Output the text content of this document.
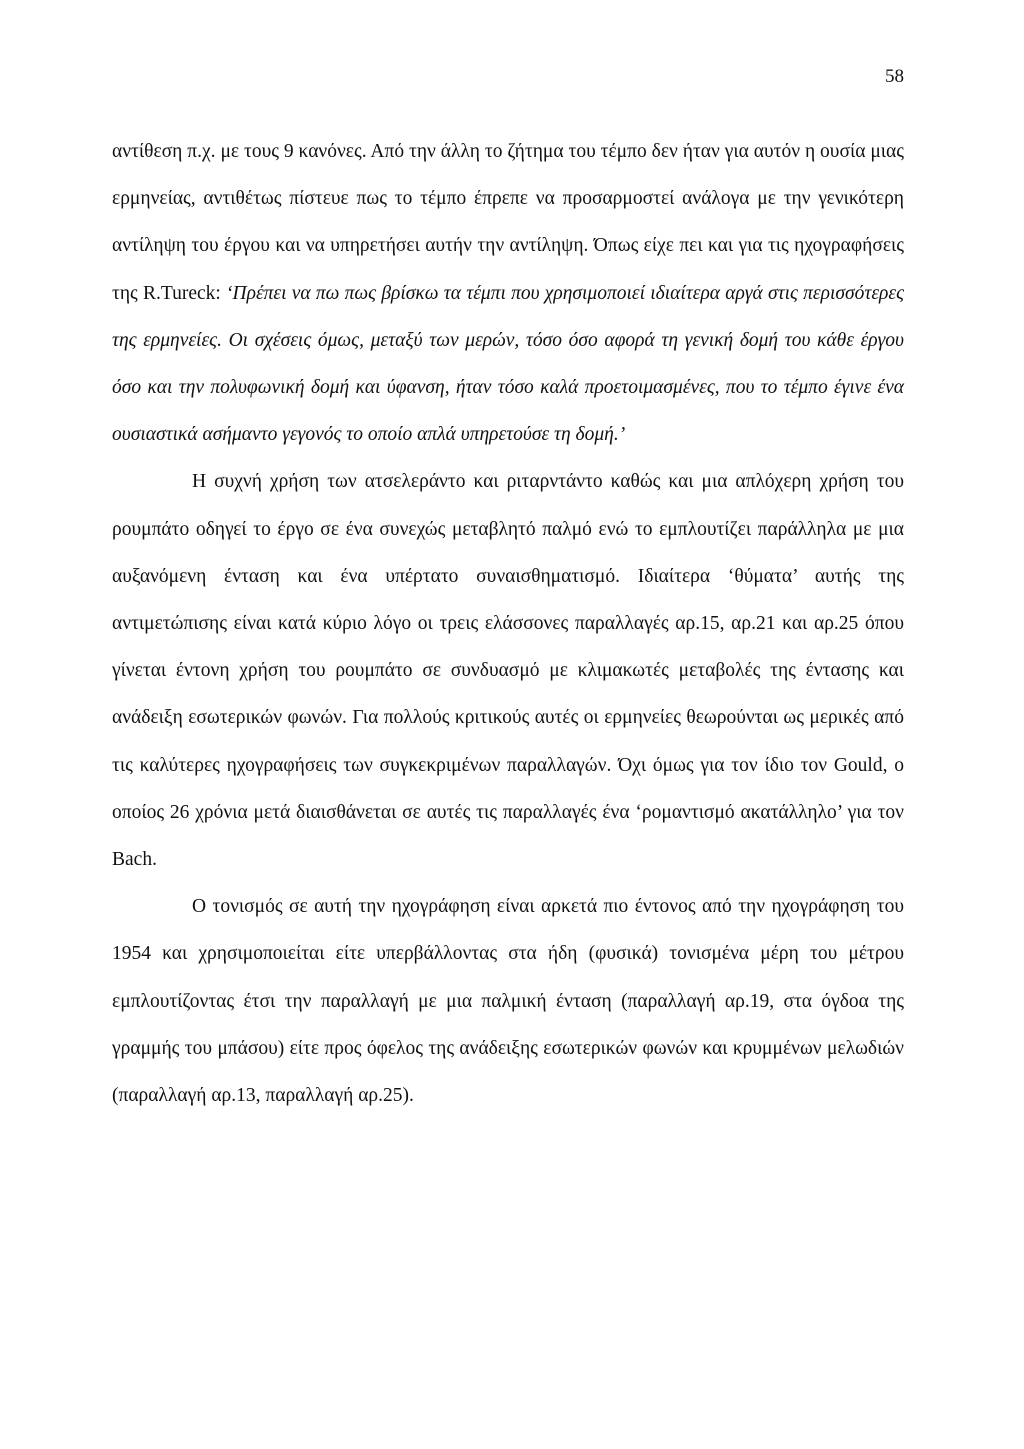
58

αντίθεση π.χ. με τους 9 κανόνες. Από την άλλη το ζήτημα του τέμπο δεν ήταν για αυτόν η ουσία μιας ερμηνείας, αντιθέτως πίστευε πως το τέμπο έπρεπε να προσαρμοστεί ανάλογα με την γενικότερη αντίληψη του έργου και να υπηρετήσει αυτήν την αντίληψη. Όπως είχε πει και για τις ηχογραφήσεις της R.Tureck: ‘Πρέπει να πω πως βρίσκω τα τέμπι που χρησιμοποιεί ιδιαίτερα αργά στις περισσότερες της ερμηνείες. Οι σχέσεις όμως, μεταξύ των μερών, τόσο όσο αφορά τη γενική δομή του κάθε έργου όσο και την πολυφωνική δομή και ύφανση, ήταν τόσο καλά προετοιμασμένες, που το τέμπο έγινε ένα ουσιαστικά ασήμαντο γεγονός το οποίο απλά υπηρετούσε τη δομή.’

Η συχνή χρήση των ατσελεράντο και ριταρντάντο καθώς και μια απλόχερη χρήση του ρουμπάτο οδηγεί το έργο σε ένα συνεχώς μεταβλητό παλμό ενώ το εμπλουτίζει παράλληλα με μια αυξανόμενη ένταση και ένα υπέρτατο συναισθηματισμό. Ιδιαίτερα ‘θύματα’ αυτής της αντιμετώπισης είναι κατά κύριο λόγο οι τρεις ελάσσονες παραλλαγές αρ.15, αρ.21 και αρ.25 όπου γίνεται έντονη χρήση του ρουμπάτο σε συνδυασμό με κλιμακωτές μεταβολές της έντασης και ανάδειξη εσωτερικών φωνών. Για πολλούς κριτικούς αυτές οι ερμηνείες θεωρούνται ως μερικές από τις καλύτερες ηχογραφήσεις των συγκεκριμένων παραλλαγών. Όχι όμως για τον ίδιο τον Gould, ο οποίος 26 χρόνια μετά διαισθάνεται σε αυτές τις παραλλαγές ένα ‘ρομαντισμό ακατάλληλο’ για τον Bach.

Ο τονισμός σε αυτή την ηχογράφηση είναι αρκετά πιο έντονος από την ηχογράφηση του 1954 και χρησιμοποιείται είτε υπερβάλλοντας στα ήδη (φυσικά) τονισμένα μέρη του μέτρου εμπλουτίζοντας έτσι την παραλλαγή με μια παλμική ένταση (παραλλαγή αρ.19, στα όγδοα της γραμμής του μπάσου) είτε προς όφελος της ανάδειξης εσωτερικών φωνών και κρυμμένων μελωδιών (παραλλαγή αρ.13, παραλλαγή αρ.25).
